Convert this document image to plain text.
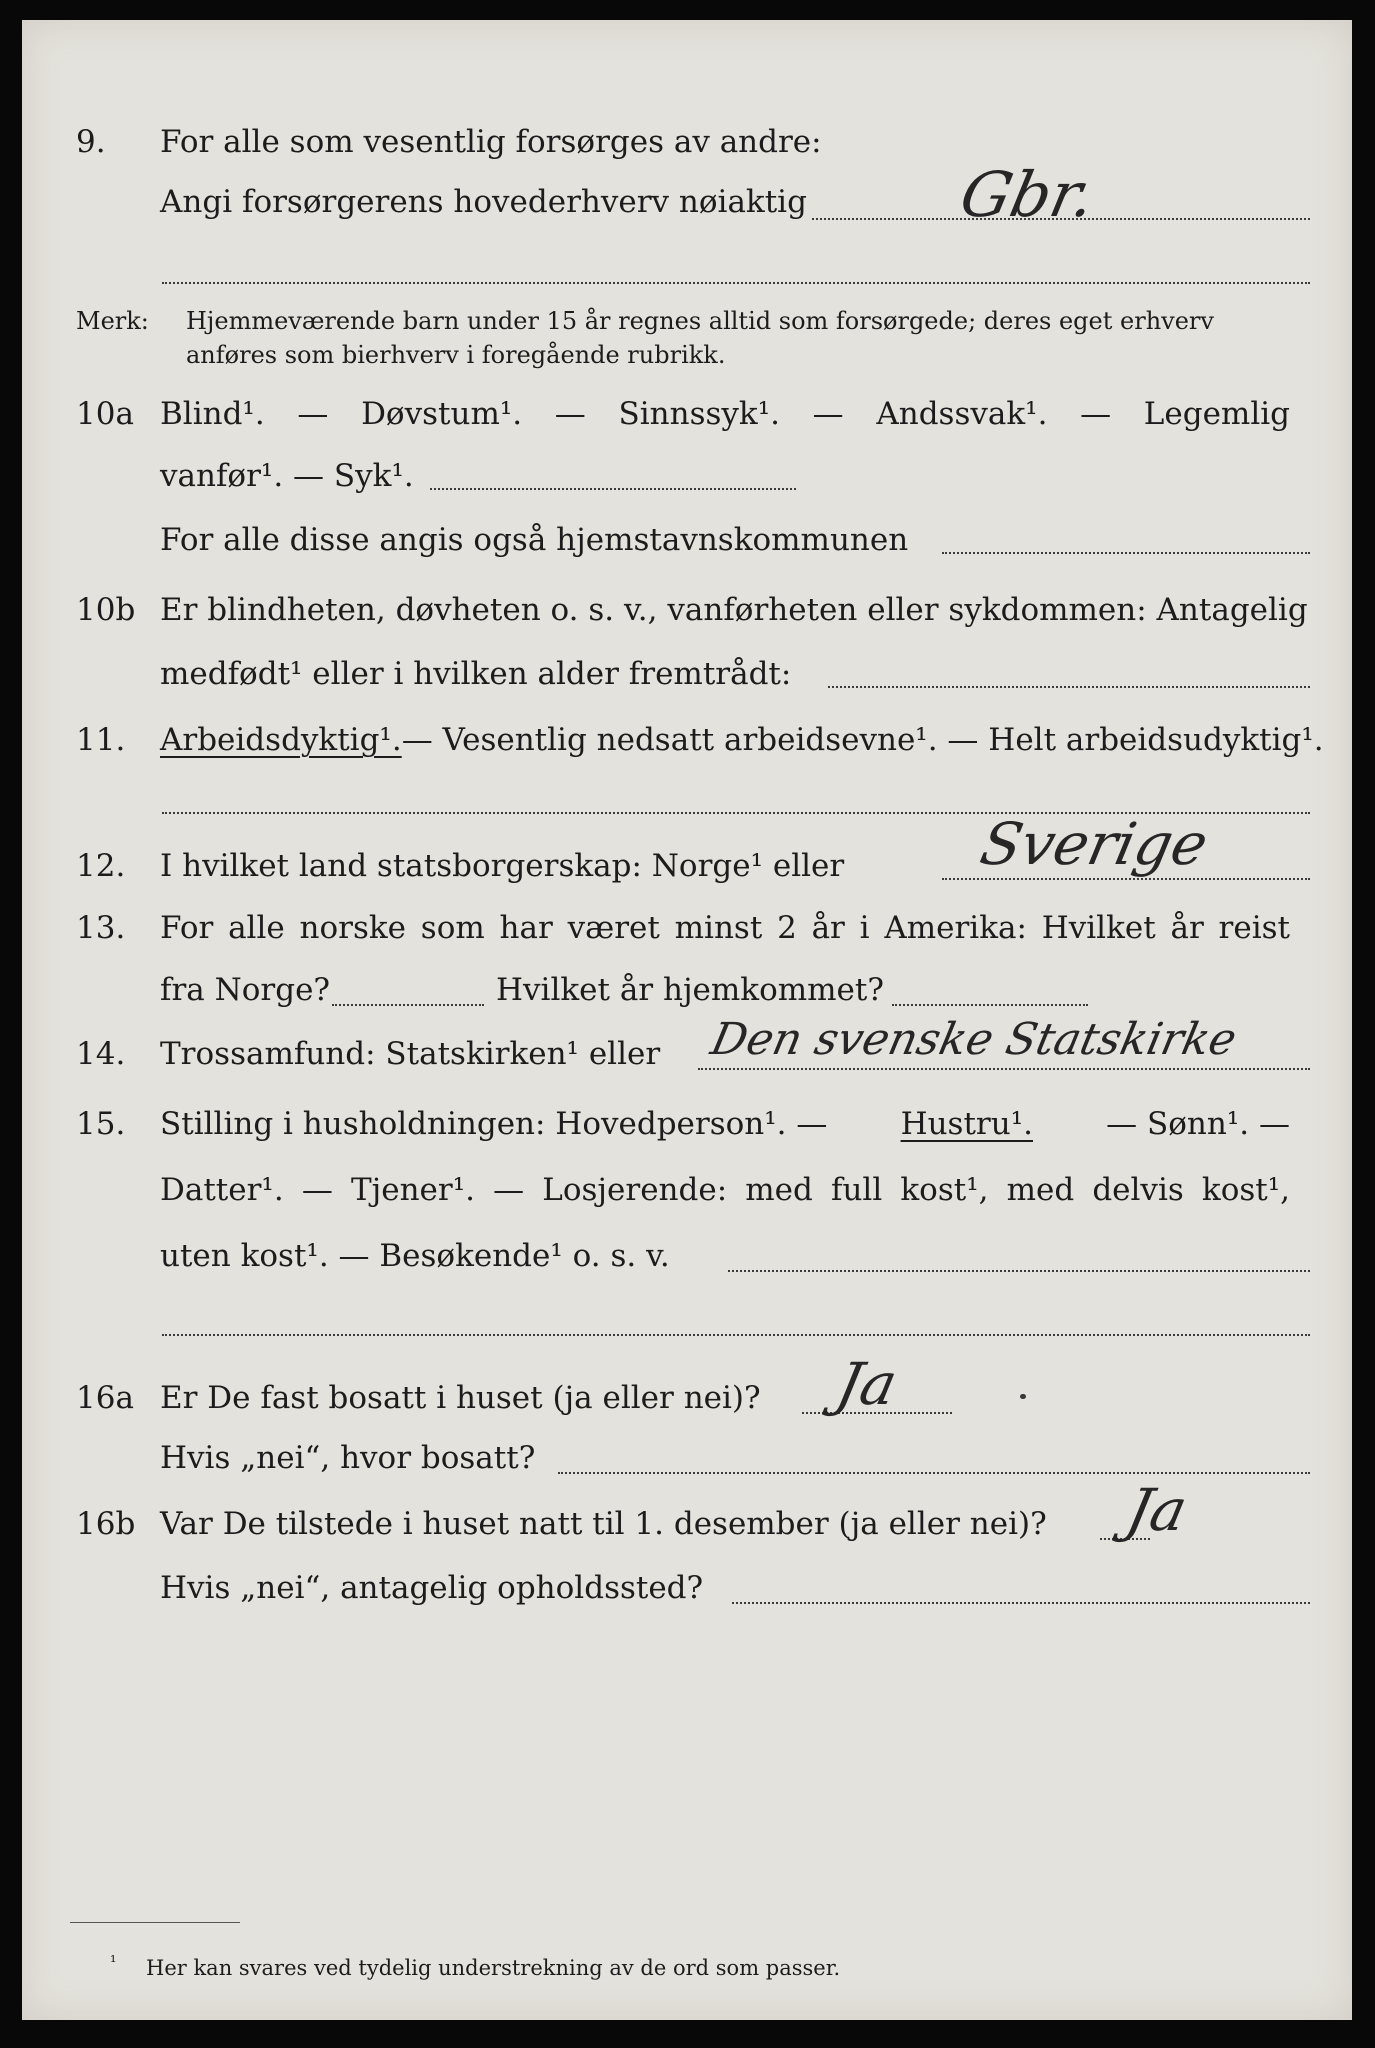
9. For alle som vesentlig forsørges av andre:
Angi forsørgerens hovederhverv nøiaktig Gbr.
Merk: Hjemmeværende barn under 15 år regnes alltid som forsørgede; deres eget erhverv
anføres som bierhverv i foregående rubrikk.
10a Blind¹. — Døvstum¹. — Sinnssyk¹. — Andssvak¹. — Legemlig
vanfør¹. — Syk¹.
For alle disse angis også hjemstavnskommunen
10b Er blindheten, døvheten o. s. v., vanførheten eller sykdommen: Antagelig
medfødt¹ eller i hvilken alder fremtrådt:
11. Arbeidsdyktig¹. — Vesentlig nedsatt arbeidsevne¹. — Helt arbeidsudyktig¹.
12. I hvilket land statsborgerskap: Norge¹ eller Sverige
13. For alle norske som har været minst 2 år i Amerika: Hvilket år reist
fra Norge?	Hvilket år hjemkommet?
14. Trossamfund: Statskirken¹ eller Den svenske Statskirke
15. Stilling i husholdningen: Hovedperson¹. — Hustru¹. — Sønn¹. —
Datter¹. — Tjener¹. — Losjerende: med full kost¹, med delvis kost¹,
uten kost¹. — Besøkende¹ o. s. v.
16a Er De fast bosatt i huset (ja eller nei)? Ja
Hvis „nei“, hvor bosatt?
16b Var De tilstede i huset natt til 1. desember (ja eller nei)? Ja
Hvis „nei“, antagelig opholdssted?
¹ Her kan svares ved tydelig understrekning av de ord som passer.
